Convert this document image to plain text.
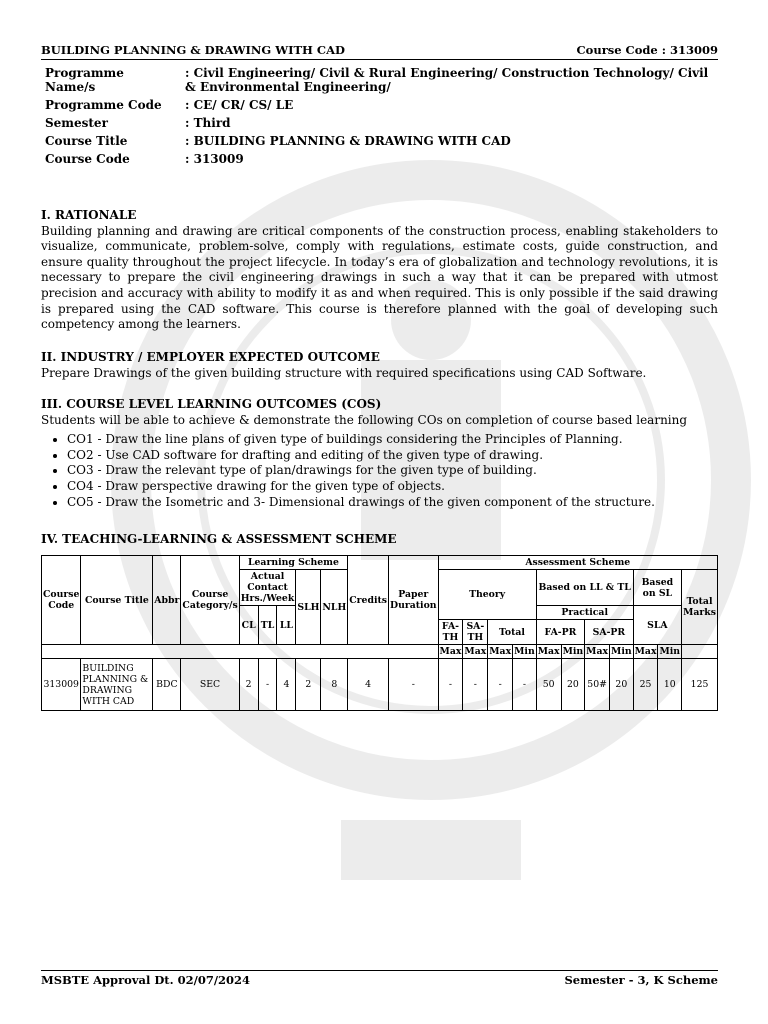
BUILDING PLANNING & DRAWING WITH CAD	Course Code : 313009
Programme Name/s	: Civil Engineering/ Civil & Rural Engineering/ Construction Technology/ Civil & Environmental Engineering/
Programme Code	: CE/ CR/ CS/ LE
Semester	: Third
Course Title	: BUILDING PLANNING & DRAWING WITH CAD
Course Code	: 313009
I. RATIONALE

Building planning and drawing are critical components of the construction process, enabling stakeholders to visualize, communicate, problem-solve, comply with regulations, estimate costs, guide construction, and ensure quality throughout the project lifecycle. In today’s era of globalization and technology revolutions, it is necessary to prepare the civil engineering drawings in such a way that it can be prepared with utmost precision and accuracy with ability to modify it as and when required. This is only possible if the said drawing is prepared using the CAD software. This course is therefore planned with the goal of developing such competency among the learners.

II. INDUSTRY / EMPLOYER EXPECTED OUTCOME

Prepare Drawings of the given building structure with required specifications using CAD Software.

III. COURSE LEVEL LEARNING OUTCOMES (COS)

Students will be able to achieve & demonstrate the following COs on completion of course based learning

• CO1 - Draw the line plans of given type of buildings considering the Principles of Planning.
• CO2 - Use CAD software for drafting and editing of the given type of drawing.
• CO3 - Draw the relevant type of plan/drawings for the given type of building.
• CO4 - Draw perspective drawing for the given type of objects.
• CO5 - Draw the Isometric and 3- Dimensional drawings of the given component of the structure.
IV. TEACHING-LEARNING & ASSESSMENT SCHEME
Course Code	Course Title	Abbr	Course Category/s	Learning Scheme					Credits	Paper Duration	Assessment Scheme										
				Actual Contact Hrs./Week			SLH	NLH			Theory				Based on LL & TL				Based on SL		Total Marks
				CL	TL	LL									Practical				SLA		
											FA-TH	SA-TH	Total		FA-PR		SA-PR				
											Max	Max	Max	Min	Max	Min	Max	Min	Max	Min	
313009	BUILDING PLANNING & DRAWING WITH CAD	BDC	SEC	2	-	4	2	8	4	-	-	-	-	-	50	20	50#	20	25	10	125
MSBTE Approval Dt. 02/07/2024	Semester - 3, K Scheme
